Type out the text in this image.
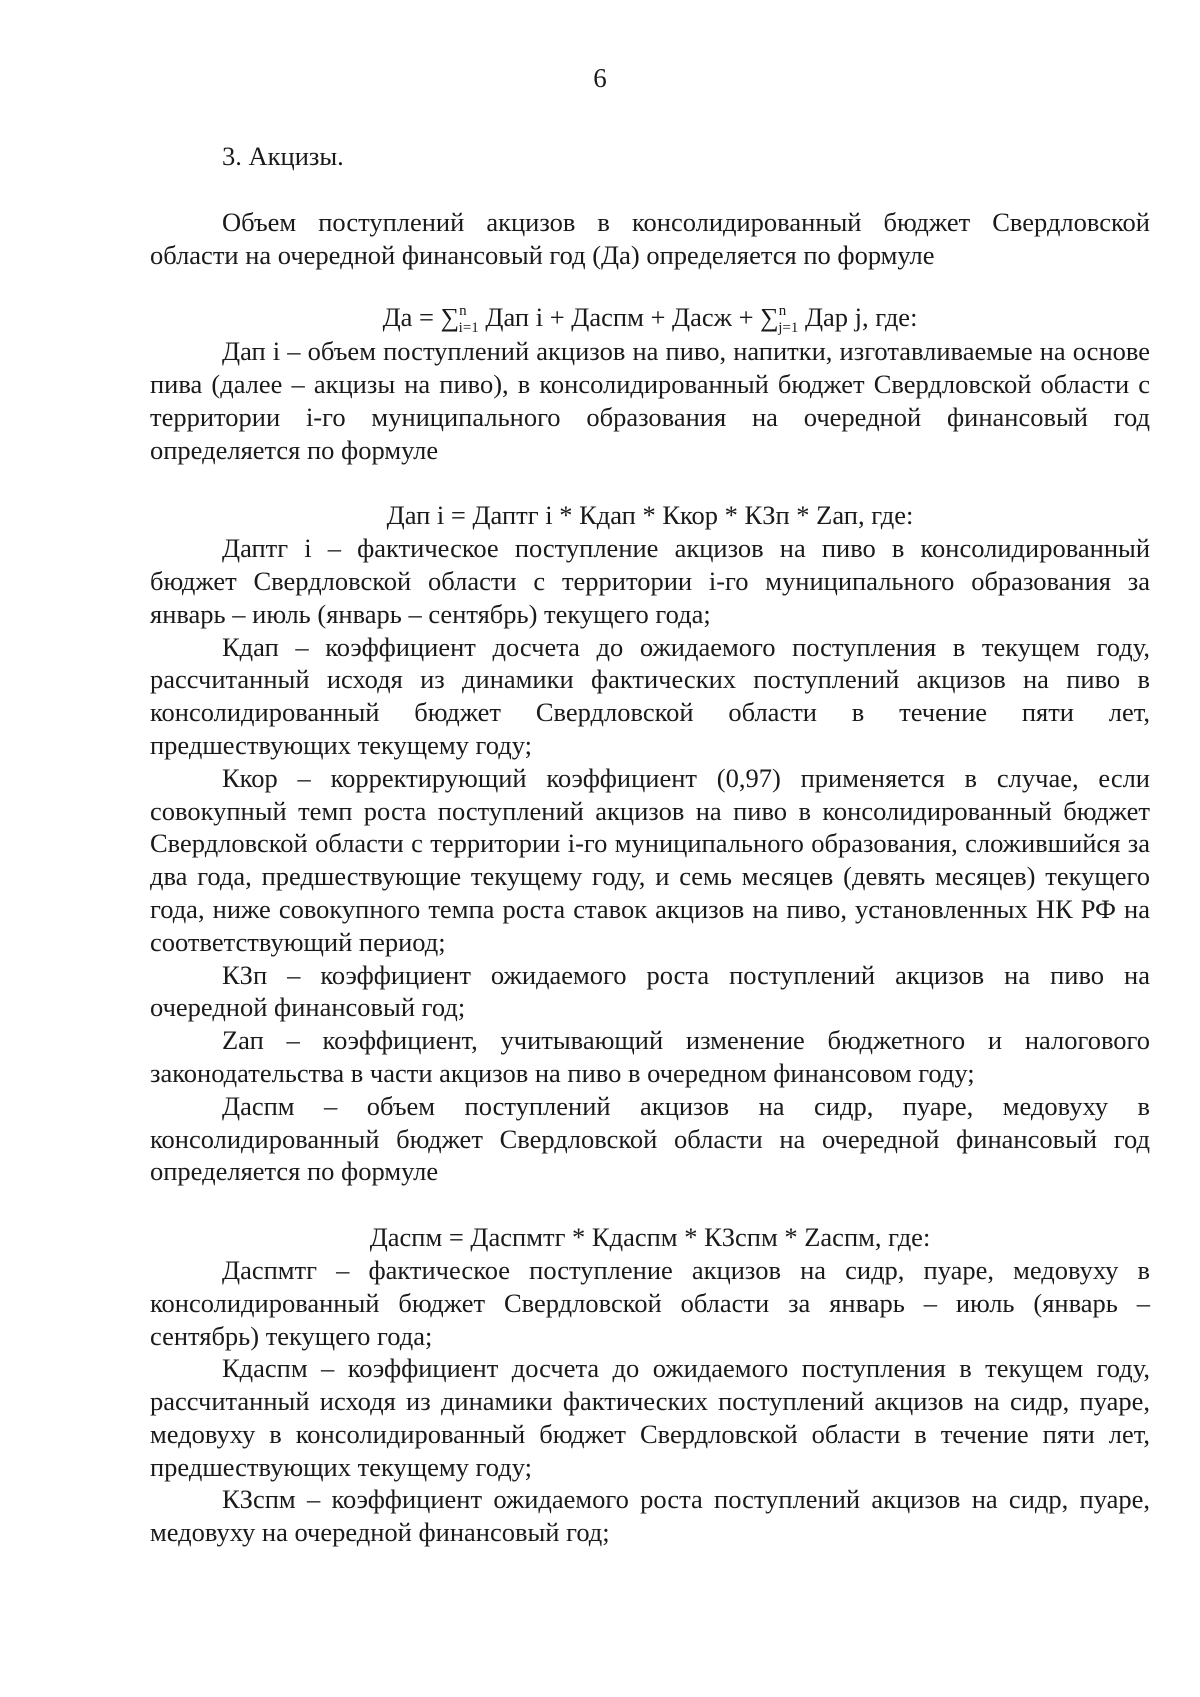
6

3. Акцизы.

Объем поступлений акцизов в консолидированный бюджет Свердловской области на очередной финансовый год (Да) определяется по формуле

Да = ∑$^n_{i=1}$ Дап i + Даспм + Дасж + ∑$^n_{j=1}$ Дар j, где:

Дап i – объем поступлений акцизов на пиво, напитки, изготавливаемые на основе пива (далее – акцизы на пиво), в консолидированный бюджет Свердловской области с территории i-го муниципального образования на очередной финансовый год определяется по формуле

Дап i = Даптг i * Кдап * Ккор * КЗп * Zап, где:

Даптг i – фактическое поступление акцизов на пиво в консолидированный бюджет Свердловской области с территории i-го муниципального образования за январь – июль (январь – сентябрь) текущего года;

Кдап – коэффициент досчета до ожидаемого поступления в текущем году, рассчитанный исходя из динамики фактических поступлений акцизов на пиво в консолидированный бюджет Свердловской области в течение пяти лет, предшествующих текущему году;

Ккор – корректирующий коэффициент (0,97) применяется в случае, если совокупный темп роста поступлений акцизов на пиво в консолидированный бюджет Свердловской области с территории i-го муниципального образования, сложившийся за два года, предшествующие текущему году, и семь месяцев (девять месяцев) текущего года, ниже совокупного темпа роста ставок акцизов на пиво, установленных НК РФ на соответствующий период;

КЗп – коэффициент ожидаемого роста поступлений акцизов на пиво на очередной финансовый год;

Zап – коэффициент, учитывающий изменение бюджетного и налогового законодательства в части акцизов на пиво в очередном финансовом году;

Даспм – объем поступлений акцизов на сидр, пуаре, медовуху в консолидированный бюджет Свердловской области на очередной финансовый год определяется по формуле

Даспм = Даспмтг * Кдаспм * КЗспм * Zаспм, где:

Даспмтг – фактическое поступление акцизов на сидр, пуаре, медовуху в консолидированный бюджет Свердловской области за январь – июль (январь – сентябрь) текущего года;

Кдаспм – коэффициент досчета до ожидаемого поступления в текущем году, рассчитанный исходя из динамики фактических поступлений акцизов на сидр, пуаре, медовуху в консолидированный бюджет Свердловской области в течение пяти лет, предшествующих текущему году;

КЗспм – коэффициент ожидаемого роста поступлений акцизов на сидр, пуаре, медовуху на очередной финансовый год;
